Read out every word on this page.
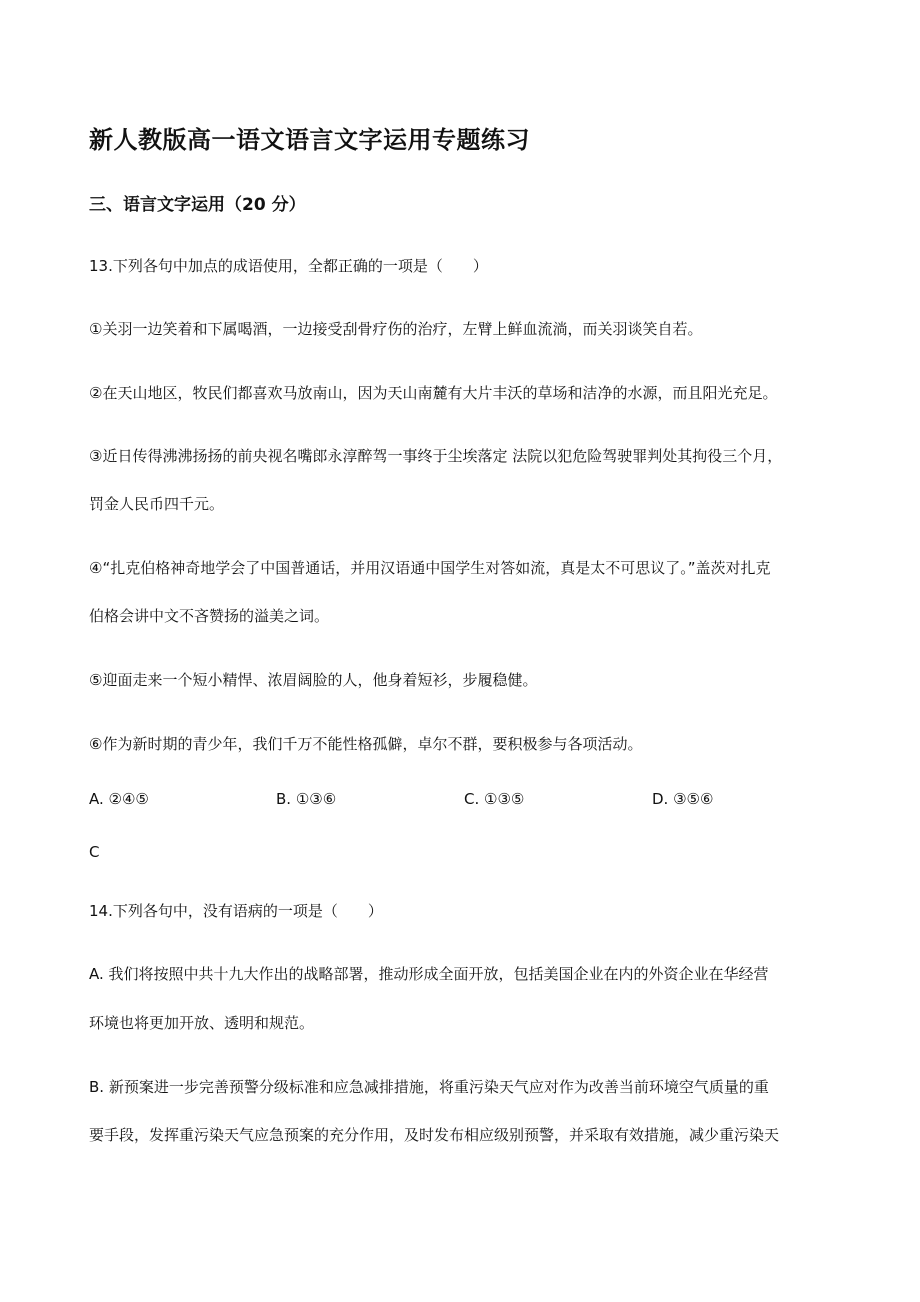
新人教版高一语文语言文字运用专题练习
三、语言文字运用（20 分）
13.下列各句中加点的成语使用，全都正确的一项是（　　）
①关羽一边笑着和下属喝酒，一边接受刮骨疗伤的治疗，左臂上鲜血流淌，而关羽谈笑自若。
②在天山地区，牧民们都喜欢马放南山，因为天山南麓有大片丰沃的草场和洁净的水源，而且阳光充足。
③近日传得沸沸扬扬的前央视名嘴郎永淳醉驾一事终于尘埃落定 法院以犯危险驾驶罪判处其拘役三个月，
罚金人民币四千元。
④“扎克伯格神奇地学会了中国普通话，并用汉语通中国学生对答如流，真是太不可思议了。”盖茨对扎克
伯格会讲中文不吝赞扬的溢美之词。
⑤迎面走来一个短小精悍、浓眉阔脸的人，他身着短衫，步履稳健。
⑥作为新时期的青少年，我们千万不能性格孤僻，卓尔不群，要积极参与各项活动。
A. ②④⑤	B. ①③⑥	C. ①③⑤	D. ③⑤⑥
C
14.下列各句中，没有语病的一项是（　　）
A. 我们将按照中共十九大作出的战略部署，推动形成全面开放，包括美国企业在内的外资企业在华经营
环境也将更加开放、透明和规范。
B. 新预案进一步完善预警分级标准和应急减排措施，将重污染天气应对作为改善当前环境空气质量的重
要手段，发挥重污染天气应急预案的充分作用，及时发布相应级别预警，并采取有效措施，减少重污染天
